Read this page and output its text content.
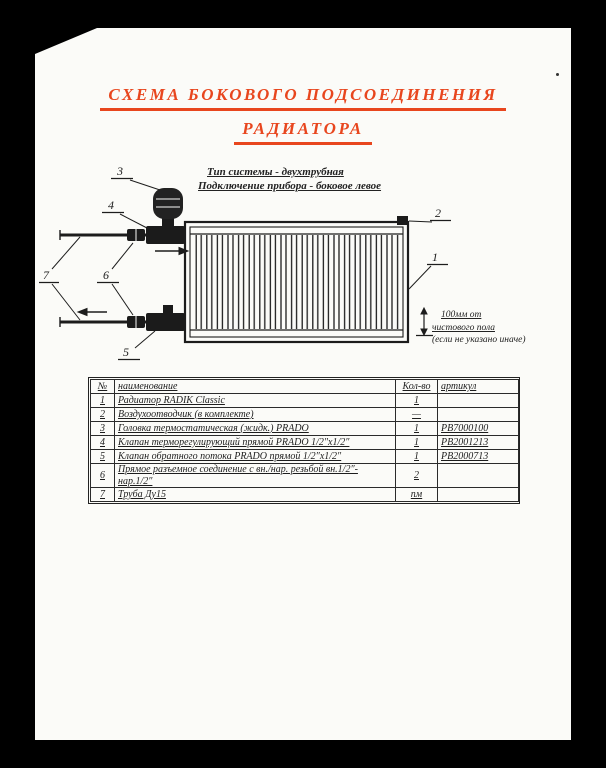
СХЕМА БОКОВОГО ПОДСОЕДИНЕНИЯ
РАДИАТОРА
Тип системы - двухтрубная
Подключение прибора - боковое левое
3
4
7	6
5
2
1
100мм от
чистового пола
(если не указано иначе)
№	наименование	Кол-во	артикул
1	Радиатор RADIK Classic	1	
2	Воздухоотводчик (в комплекте)	—	
3	Головка термостатическая (жидк.) PRADO	1	РВ7000100
4	Клапан терморегулирующий прямой PRADO 1/2″х1/2″	1	РВ2001213
5	Клапан обратного потока PRADO прямой 1/2″х1/2″	1	РВ2000713
6	Прямое разъемное соединение с вн./нар. резьбой вн.1/2″-нар.1/2″	2	
7	Труба Ду15	пм	
